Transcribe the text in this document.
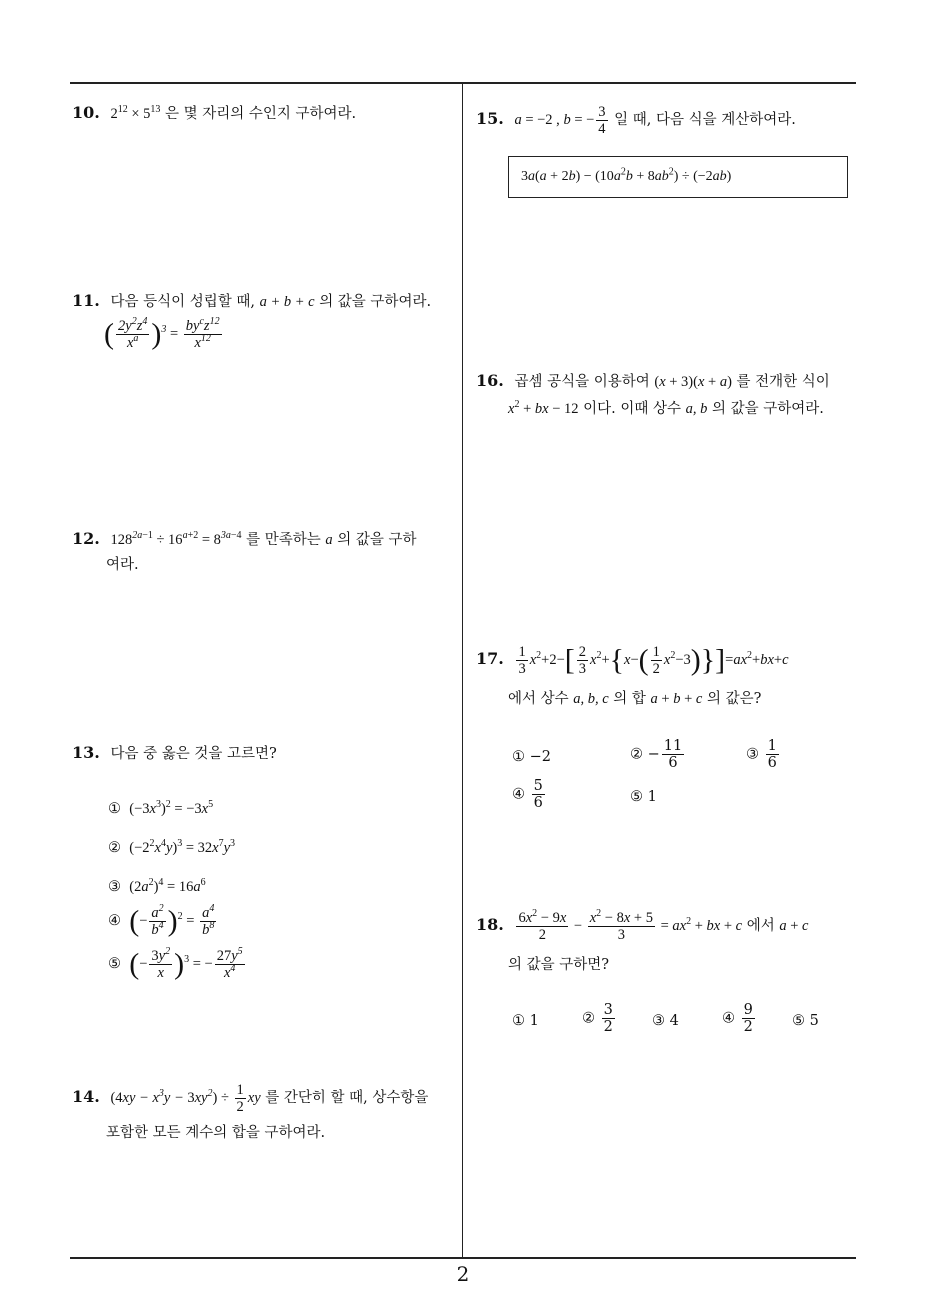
10. $2^{12} \times 5^{13}$ 은 몇 자리의 수인지 구하여라.
11. 다음 등식이 성립할 때, a + b + c 의 값을 구하여라.
( $\frac{2y^2z^4}{x^a} )^3 = \frac{by^cz^{12}}{x^{12}}$
12. $128^{2a-1} \div 16^{a+2} = 8^{3a-4}$ 를 만족하는 a 의 값을 구하
여라.
13. 다음 중 옳은 것을 고르면?
①  $(-3x^3)^2 = -3x^5$
②  $(-2^2x^4y)^3 = 32x^7y^3$
③  $(2a^2)^4 = 16a^6$
④ (− $\frac{a^2}{b^4} )^2 = \frac{a^4}{b^8}$
⑤ (− $\frac{3y^2}{x} )^3$ = − $\frac{27y^5}{x^4}$
14. $(4xy - x^3y - 3xy^2) \div \frac{1}{2}$ xy 를 간단히 할 때, 상수항을
포함한 모든 계수의 합을 구하여라.
15. a = −2 , b = − $\frac{3}{4}$ 일 때, 다음 식을 계산하여라.
$3a(a + 2b) - (10a^2b + 8ab^2) \div (-2ab)$
16. 곱셈 공식을 이용하여 (x + 3)(x + a) 를 전개한 식이
$x^2$ + bx − 12 이다. 이때 상수 a, b 의 값을 구하여라.
17. $\frac{1}{3} x^2+2-[ \frac{2}{3} x^2+\{x-( \frac{1}{2} x^2-3)\}]=ax^2+bx+c$
에서 상수 a, b, c 의 합 a + b + c 의 값은?
① −2	② − $\frac{11}{6}$	③ $\frac{1}{6}$
④ $\frac{5}{6}$	⑤ 1
18. $\frac{6x^2 - 9x}{2} - \frac{x^2 - 8x + 5}{3} = ax^2$ + bx + c 에서 a + c
의 값을 구하면?
① 1	② $\frac{3}{2}$	③ 4	④ $\frac{9}{2}$	⑤ 5
2
